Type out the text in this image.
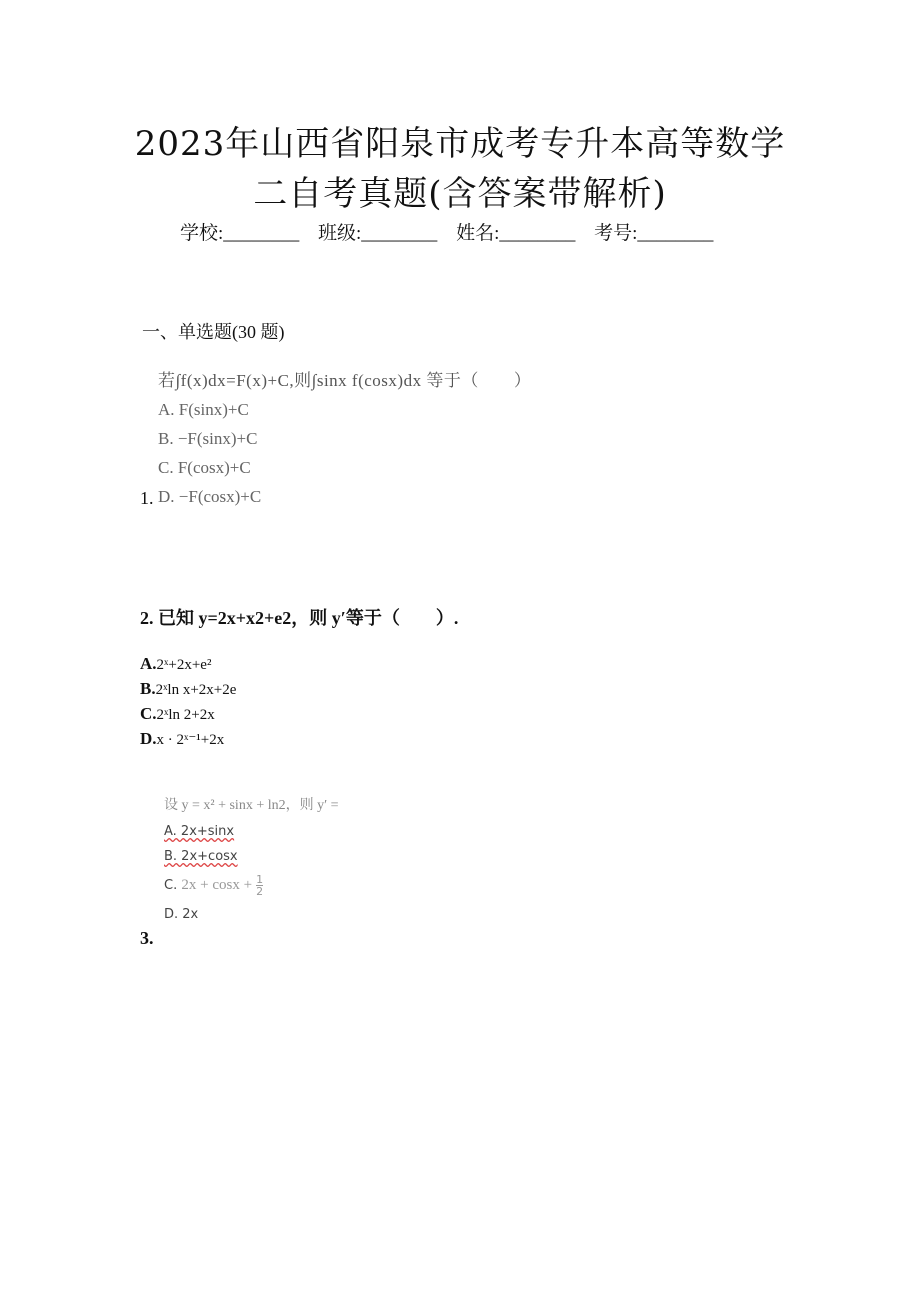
2023年山西省阳泉市成考专升本高等数学
二自考真题(含答案带解析)
学校:________ 班级:________ 姓名:________ 考号:________
一、单选题(30 题)
若∫f(x)dx=F(x)+C,则∫sinx f(cosx)dx 等于（　　）
A. F(sinx)+C
B. −F(sinx)+C
C. F(cosx)+C
D. −F(cosx)+C
1.
2. 已知 y=2x+x2+e2，则 y′等于（　　）.
A.2ˣ+2x+e²
B.2ˣln x+2x+2e
C.2ˣln 2+2x
D.x · 2ˣ⁻¹+2x
设 y = x² + sinx + ln2，则 y′ =
A. 2x+sinx
B. 2x+cosx
C. $2x + \cos x + \frac{1}{2}$
D. 2x
3.
